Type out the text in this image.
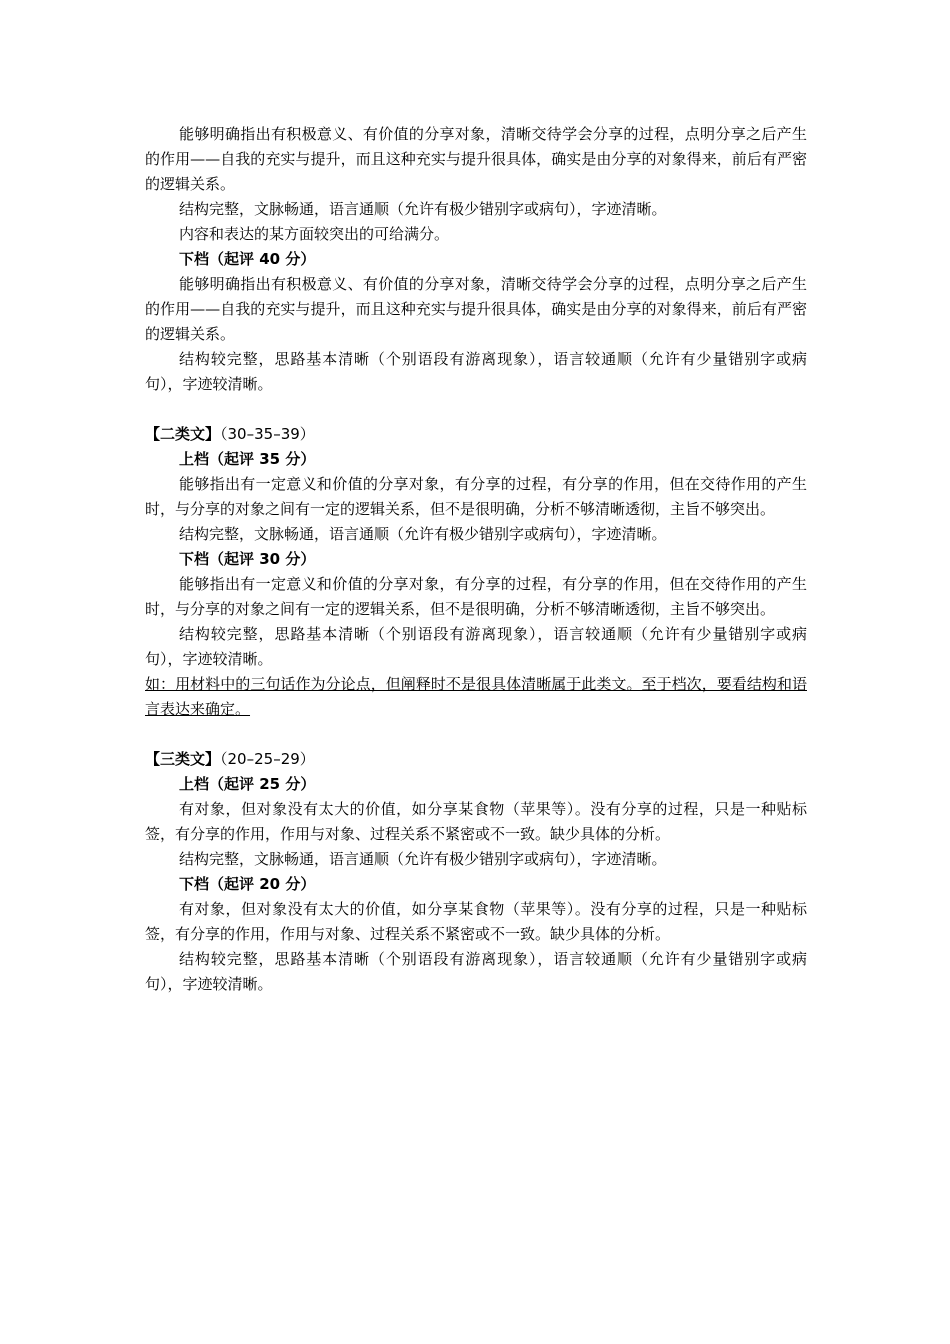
能够明确指出有积极意义、有价值的分享对象，清晰交待学会分享的过程，点明分享之后产生的作用——自我的充实与提升，而且这种充实与提升很具体，确实是由分享的对象得来，前后有严密的逻辑关系。

结构完整，文脉畅通，语言通顺（允许有极少错别字或病句），字迹清晰。

内容和表达的某方面较突出的可给满分。

下档（起评 40 分）

能够明确指出有积极意义、有价值的分享对象，清晰交待学会分享的过程，点明分享之后产生的作用——自我的充实与提升，而且这种充实与提升很具体，确实是由分享的对象得来，前后有严密的逻辑关系。

结构较完整，思路基本清晰（个别语段有游离现象），语言较通顺（允许有少量错别字或病句），字迹较清晰。

【二类文】（30–35–39）

上档（起评 35 分）

能够指出有一定意义和价值的分享对象，有分享的过程，有分享的作用，但在交待作用的产生时，与分享的对象之间有一定的逻辑关系，但不是很明确，分析不够清晰透彻，主旨不够突出。

结构完整，文脉畅通，语言通顺（允许有极少错别字或病句），字迹清晰。

下档（起评 30 分）

能够指出有一定意义和价值的分享对象，有分享的过程，有分享的作用，但在交待作用的产生时，与分享的对象之间有一定的逻辑关系，但不是很明确，分析不够清晰透彻，主旨不够突出。

结构较完整，思路基本清晰（个别语段有游离现象），语言较通顺（允许有少量错别字或病句），字迹较清晰。

如：用材料中的三句话作为分论点，但阐释时不是很具体清晰属于此类文。至于档次，要看结构和语言表达来确定。

【三类文】（20–25–29）

上档（起评 25 分）

有对象，但对象没有太大的价值，如分享某食物（苹果等）。没有分享的过程，只是一种贴标签，有分享的作用，作用与对象、过程关系不紧密或不一致。缺少具体的分析。

结构完整，文脉畅通，语言通顺（允许有极少错别字或病句），字迹清晰。

下档（起评 20 分）

有对象，但对象没有太大的价值，如分享某食物（苹果等）。没有分享的过程，只是一种贴标签，有分享的作用，作用与对象、过程关系不紧密或不一致。缺少具体的分析。

结构较完整，思路基本清晰（个别语段有游离现象），语言较通顺（允许有少量错别字或病句），字迹较清晰。
